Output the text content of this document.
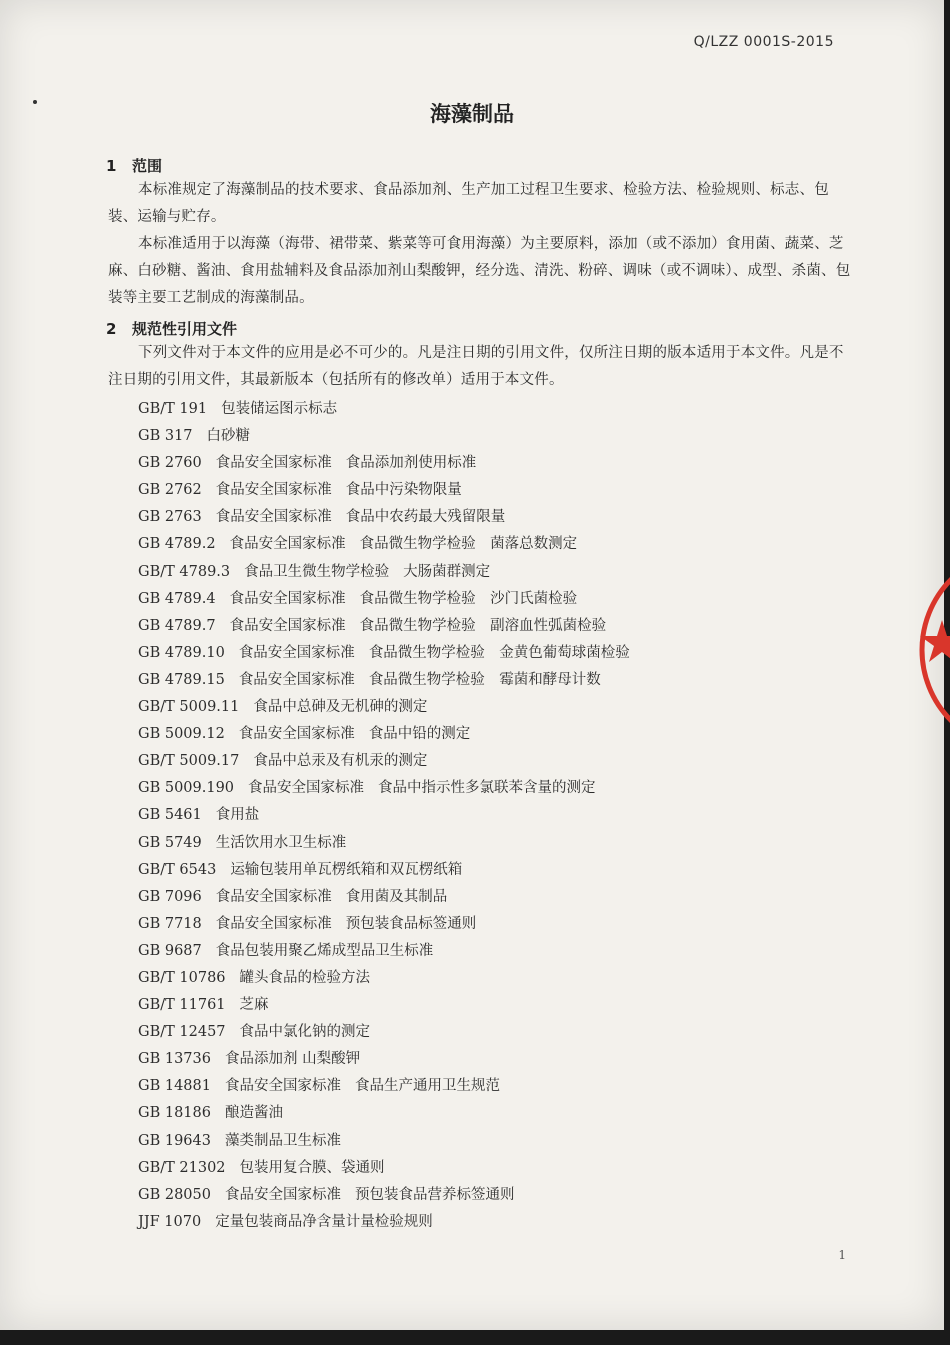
Q/LZZ 0001S-2015
海藻制品
1 范围
本标准规定了海藻制品的技术要求、食品添加剂、生产加工过程卫生要求、检验方法、检验规则、标志、包装、运输与贮存。
本标准适用于以海藻（海带、裙带菜、紫菜等可食用海藻）为主要原料，添加（或不添加）食用菌、蔬菜、芝麻、白砂糖、酱油、食用盐辅料及食品添加剂山梨酸钾，经分选、清洗、粉碎、调味（或不调味）、成型、杀菌、包装等主要工艺制成的海藻制品。
2 规范性引用文件
下列文件对于本文件的应用是必不可少的。凡是注日期的引用文件，仅所注日期的版本适用于本文件。凡是不注日期的引用文件，其最新版本（包括所有的修改单）适用于本文件。
GB/T 191 包装储运图示标志
GB 317 白砂糖
GB 2760 食品安全国家标准 食品添加剂使用标准
GB 2762 食品安全国家标准 食品中污染物限量
GB 2763 食品安全国家标准 食品中农药最大残留限量
GB 4789.2 食品安全国家标准 食品微生物学检验　菌落总数测定
GB/T 4789.3 食品卫生微生物学检验 大肠菌群测定
GB 4789.4 食品安全国家标准 食品微生物学检验　沙门氏菌检验
GB 4789.7 食品安全国家标准 食品微生物学检验　副溶血性弧菌检验
GB 4789.10 食品安全国家标准 食品微生物学检验　金黄色葡萄球菌检验
GB 4789.15 食品安全国家标准 食品微生物学检验　霉菌和酵母计数
GB/T 5009.11 食品中总砷及无机砷的测定
GB 5009.12 食品安全国家标准 食品中铅的测定
GB/T 5009.17 食品中总汞及有机汞的测定
GB 5009.190 食品安全国家标准 食品中指示性多氯联苯含量的测定
GB 5461 食用盐
GB 5749 生活饮用水卫生标准
GB/T 6543 运输包装用单瓦楞纸箱和双瓦楞纸箱
GB 7096 食品安全国家标准 食用菌及其制品
GB 7718 食品安全国家标准 预包装食品标签通则
GB 9687 食品包装用聚乙烯成型品卫生标准
GB/T 10786 罐头食品的检验方法
GB/T 11761 芝麻
GB/T 12457 食品中氯化钠的测定
GB 13736 食品添加剂 山梨酸钾
GB 14881 食品安全国家标准 食品生产通用卫生规范
GB 18186 酿造酱油
GB 19643 藻类制品卫生标准
GB/T 21302 包装用复合膜、袋通则
GB 28050 食品安全国家标准 预包装食品营养标签通则
JJF 1070 定量包装商品净含量计量检验规则
1
